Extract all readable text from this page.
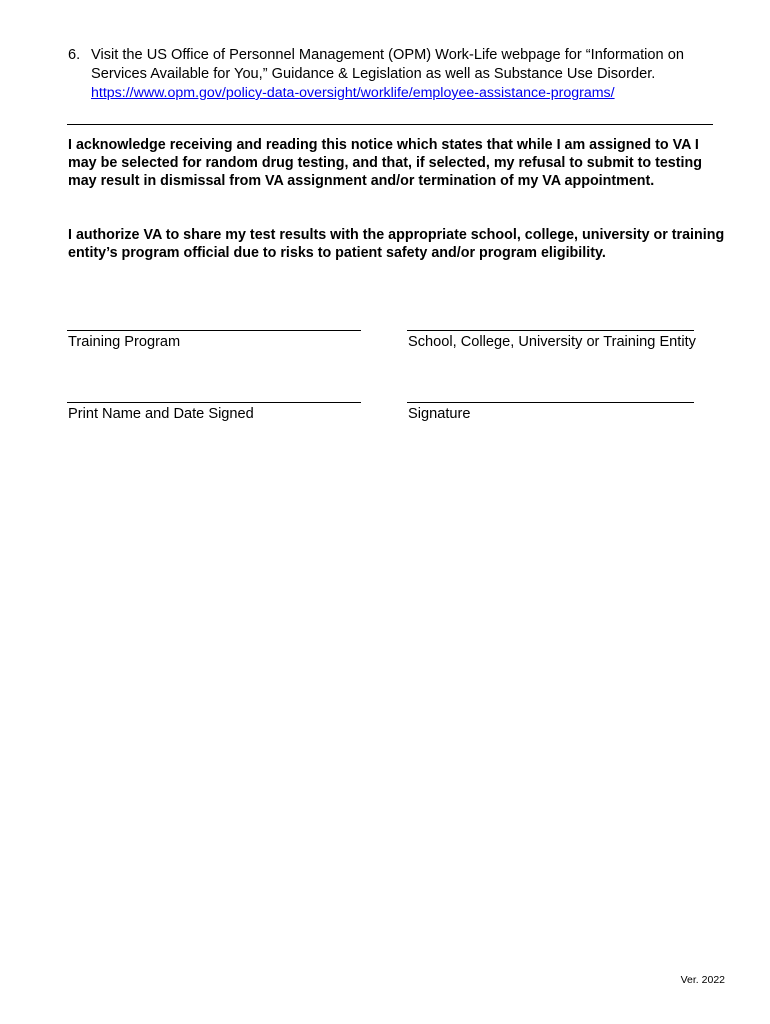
6. Visit the US Office of Personnel Management (OPM) Work-Life webpage for “Information on Services Available for You,” Guidance & Legislation as well as Substance Use Disorder.
https://www.opm.gov/policy-data-oversight/worklife/employee-assistance-programs/
I acknowledge receiving and reading this notice which states that while I am assigned to VA I may be selected for random drug testing, and that, if selected, my refusal to submit to testing may result in dismissal from VA assignment and/or termination of my VA appointment.
I authorize VA to share my test results with the appropriate school, college, university or training entity’s program official due to risks to patient safety and/or program eligibility.
Training Program	School, College, University or Training Entity
Print Name and Date Signed	Signature
Ver. 2022
